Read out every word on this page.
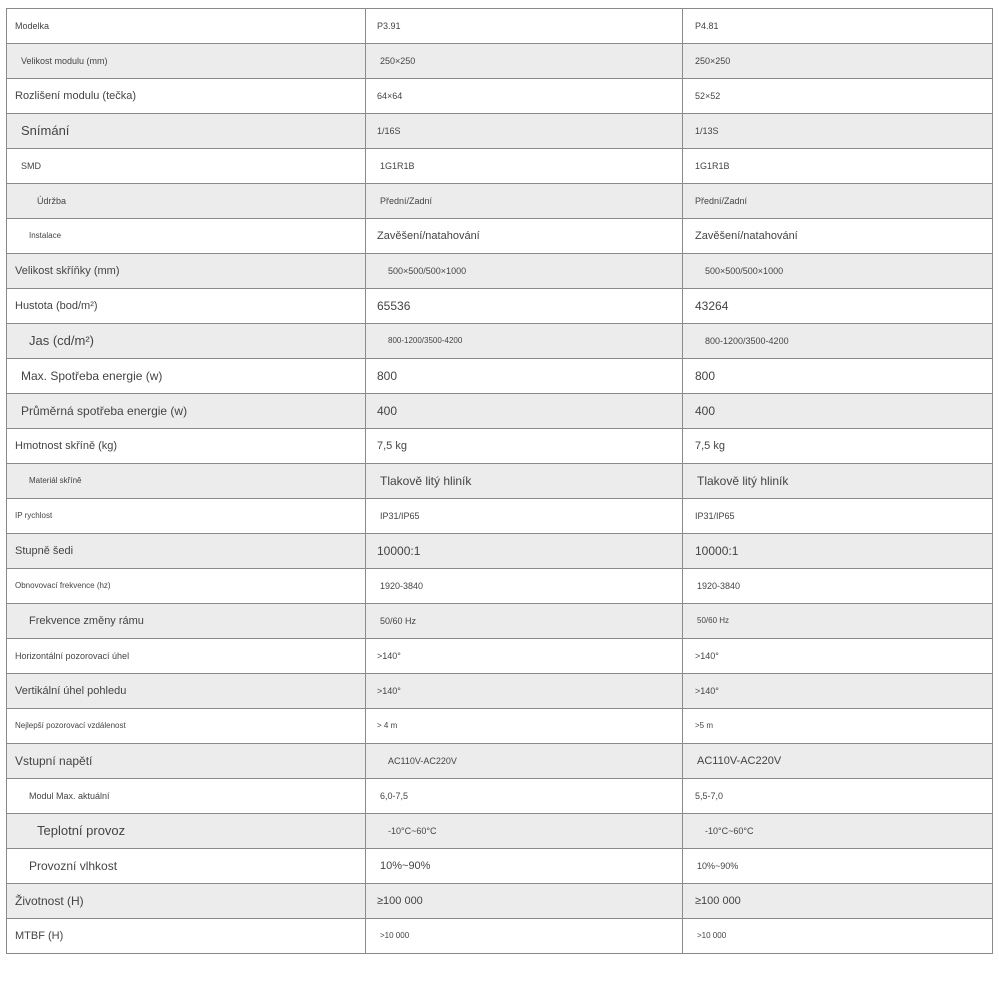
Modelka	P3.91	P4.81
Velikost modulu (mm)	250×250	250×250
Rozlišení modulu (tečka)	64×64	52×52
Snímání	1/16S	1/13S
SMD	1G1R1B	1G1R1B
Údržba	Přední/Zadní	Přední/Zadní
Instalace	Zavěšení/natahování	Zavěšení/natahování
Velikost skříňky (mm)	500×500/500×1000	500×500/500×1000
Hustota (bod/m²)	65536	43264
Jas (cd/m²)	800-1200/3500-4200	800-1200/3500-4200
Max. Spotřeba energie (w)	800	800
Průměrná spotřeba energie (w)	400	400
Hmotnost skříně (kg)	7,5 kg	7,5 kg
Materiál skříně	Tlakově litý hliník	Tlakově litý hliník
IP rychlost	IP31/IP65	IP31/IP65
Stupně šedi	10000:1	10000:1
Obnovovací frekvence (hz)	1920-3840	1920-3840
Frekvence změny rámu	50/60 Hz	50/60 Hz
Horizontální pozorovací úhel	>140°	>140°
Vertikální úhel pohledu	>140°	>140°
Nejlepší pozorovací vzdálenost	> 4 m	>5 m
Vstupní napětí	AC110V-AC220V	AC110V-AC220V
Modul Max. aktuální	6,0-7,5	5,5-7,0
Teplotní provoz	-10°C~60°C	-10°C~60°C
Provozní vlhkost	10%~90%	10%~90%
Životnost (H)	≥100 000	≥100 000
MTBF (H)	>10 000	>10 000
